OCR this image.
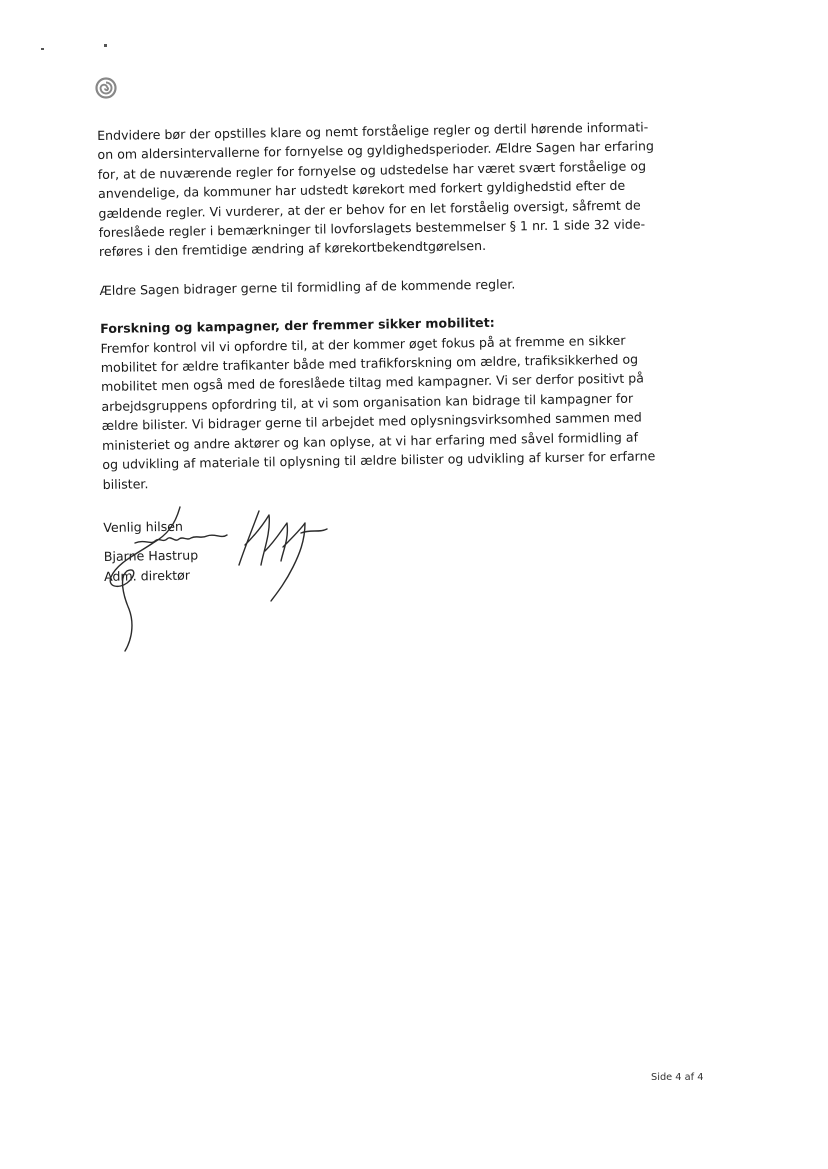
Endvidere bør der opstilles klare og nemt forståelige regler og dertil hørende informati-
on om aldersintervallerne for fornyelse og gyldighedsperioder. Ældre Sagen har erfaring
for, at de nuværende regler for fornyelse og udstedelse har været svært forståelige og
anvendelige, da kommuner har udstedt kørekort med forkert gyldighedstid efter de
gældende regler. Vi vurderer, at der er behov for en let forståelig oversigt, såfremt de
foreslåede regler i bemærkninger til lovforslagets bestemmelser § 1 nr. 1 side 32 vide-
reføres i den fremtidige ændring af kørekortbekendtgørelsen.
Ældre Sagen bidrager gerne til formidling af de kommende regler.
Forskning og kampagner, der fremmer sikker mobilitet:
Fremfor kontrol vil vi opfordre til, at der kommer øget fokus på at fremme en sikker
mobilitet for ældre trafikanter både med trafikforskning om ældre, trafiksikkerhed og
mobilitet men også med de foreslåede tiltag med kampagner. Vi ser derfor positivt på
arbejdsgruppens opfordring til, at vi som organisation kan bidrage til kampagner for
ældre bilister. Vi bidrager gerne til arbejdet med oplysningsvirksomhed sammen med
ministeriet og andre aktører og kan oplyse, at vi har erfaring med såvel formidling af
og udvikling af materiale til oplysning til ældre bilister og udvikling af kurser for erfarne
bilister.
Venlig hilsen
Bjarne Hastrup
Adm. direktør
Side 4 af 4
